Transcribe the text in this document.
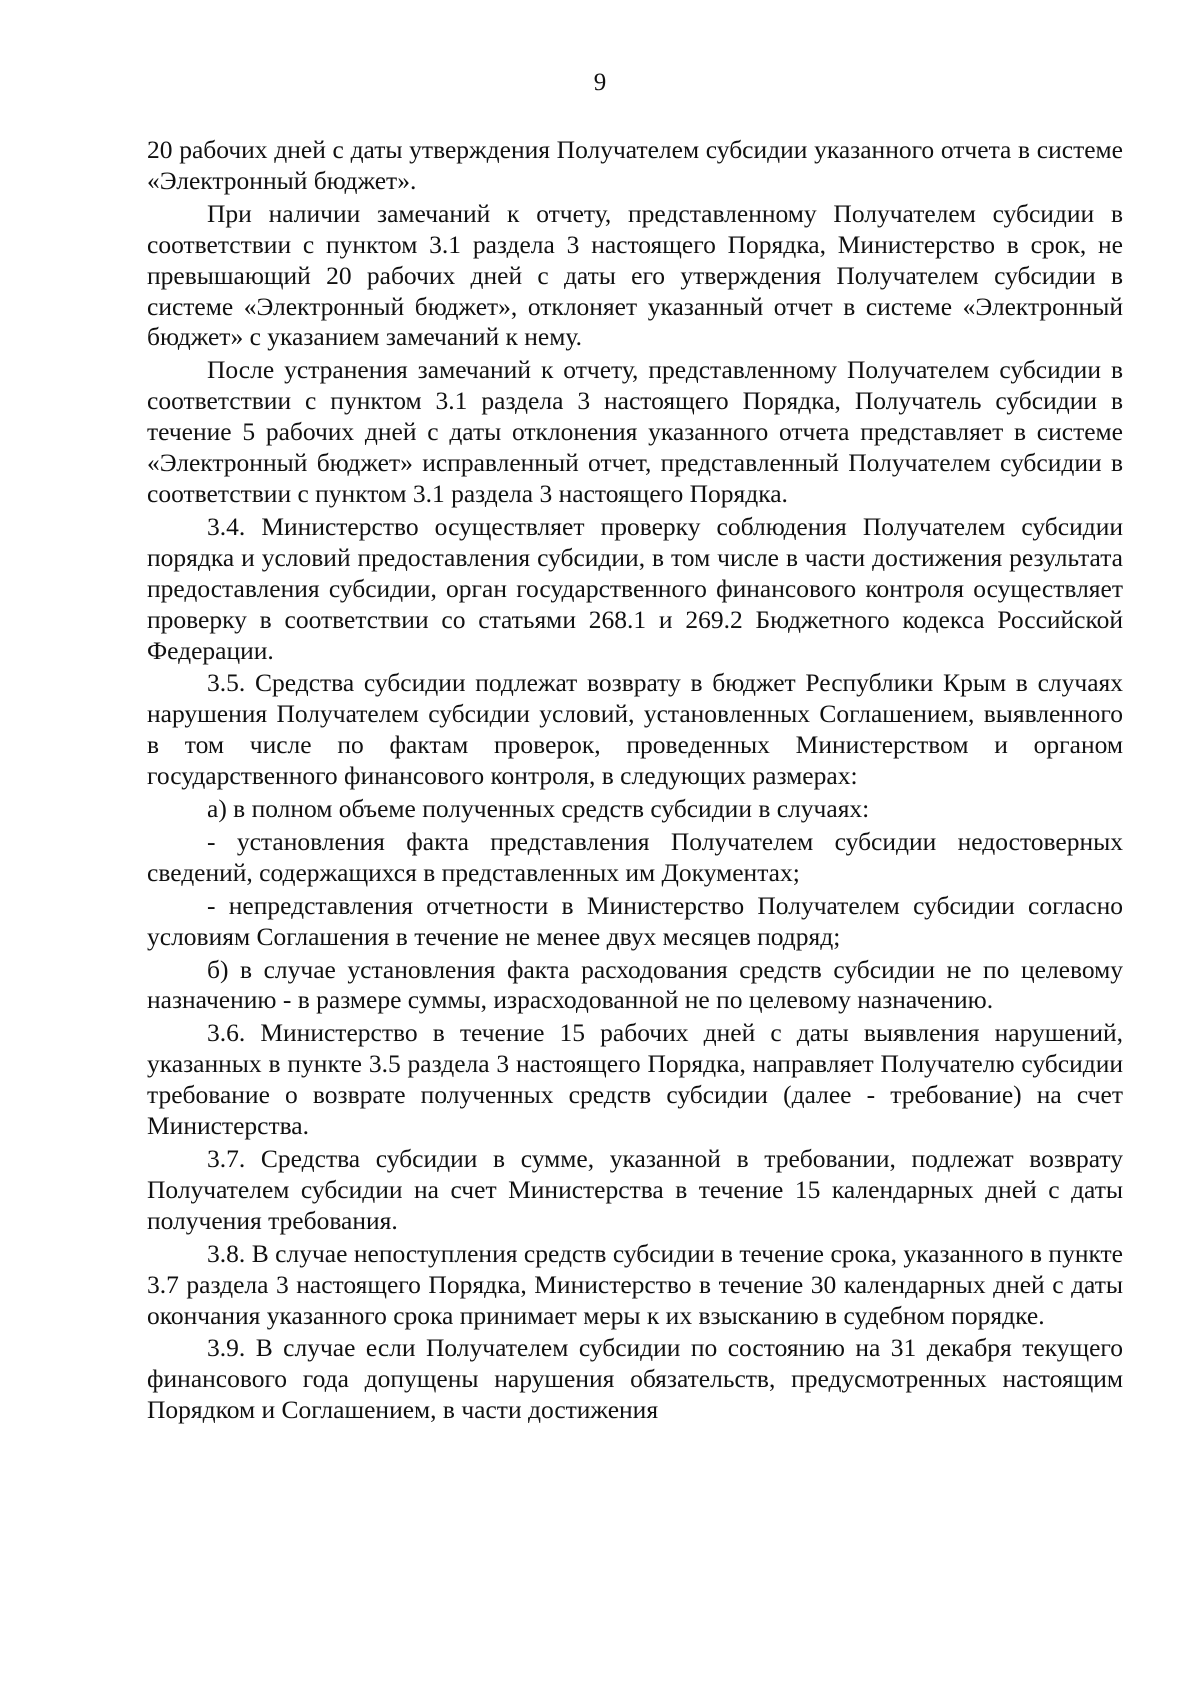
9

20 рабочих дней с даты утверждения Получателем субсидии указанного отчета в системе «Электронный бюджет».

При наличии замечаний к отчету, представленному Получателем субсидии в соответствии с пунктом 3.1 раздела 3 настоящего Порядка, Министерство в срок, не превышающий 20 рабочих дней с даты его утверждения Получателем субсидии в системе «Электронный бюджет», отклоняет указанный отчет в системе «Электронный бюджет» с указанием замечаний к нему.

После устранения замечаний к отчету, представленному Получателем субсидии в соответствии с пунктом 3.1 раздела 3 настоящего Порядка, Получатель субсидии в течение 5 рабочих дней с даты отклонения указанного отчета представляет в системе «Электронный бюджет» исправленный отчет, представленный Получателем субсидии в соответствии с пунктом 3.1 раздела 3 настоящего Порядка.

3.4. Министерство осуществляет проверку соблюдения Получателем субсидии порядка и условий предоставления субсидии, в том числе в части достижения результата предоставления субсидии, орган государственного финансового контроля осуществляет проверку в соответствии со статьями 268.1 и 269.2 Бюджетного кодекса Российской Федерации.

3.5. Средства субсидии подлежат возврату в бюджет Республики Крым в случаях нарушения Получателем субсидии условий, установленных Соглашением, выявленного в том числе по фактам проверок, проведенных Министерством и органом государственного финансового контроля, в следующих размерах:

а) в полном объеме полученных средств субсидии в случаях:

- установления факта представления Получателем субсидии недостоверных сведений, содержащихся в представленных им Документах;

- непредставления отчетности в Министерство Получателем субсидии согласно условиям Соглашения в течение не менее двух месяцев подряд;

б) в случае установления факта расходования средств субсидии не по целевому назначению - в размере суммы, израсходованной не по целевому назначению.

3.6. Министерство в течение 15 рабочих дней с даты выявления нарушений, указанных в пункте 3.5 раздела 3 настоящего Порядка, направляет Получателю субсидии требование о возврате полученных средств субсидии (далее - требование) на счет Министерства.

3.7. Средства субсидии в сумме, указанной в требовании, подлежат возврату Получателем субсидии на счет Министерства в течение 15 календарных дней с даты получения требования.

3.8. В случае непоступления средств субсидии в течение срока, указанного в пункте 3.7 раздела 3 настоящего Порядка, Министерство в течение 30 календарных дней с даты окончания указанного срока принимает меры к их взысканию в судебном порядке.

3.9. В случае если Получателем субсидии по состоянию на 31 декабря текущего финансового года допущены нарушения обязательств, предусмотренных настоящим Порядком и Соглашением, в части достижения
